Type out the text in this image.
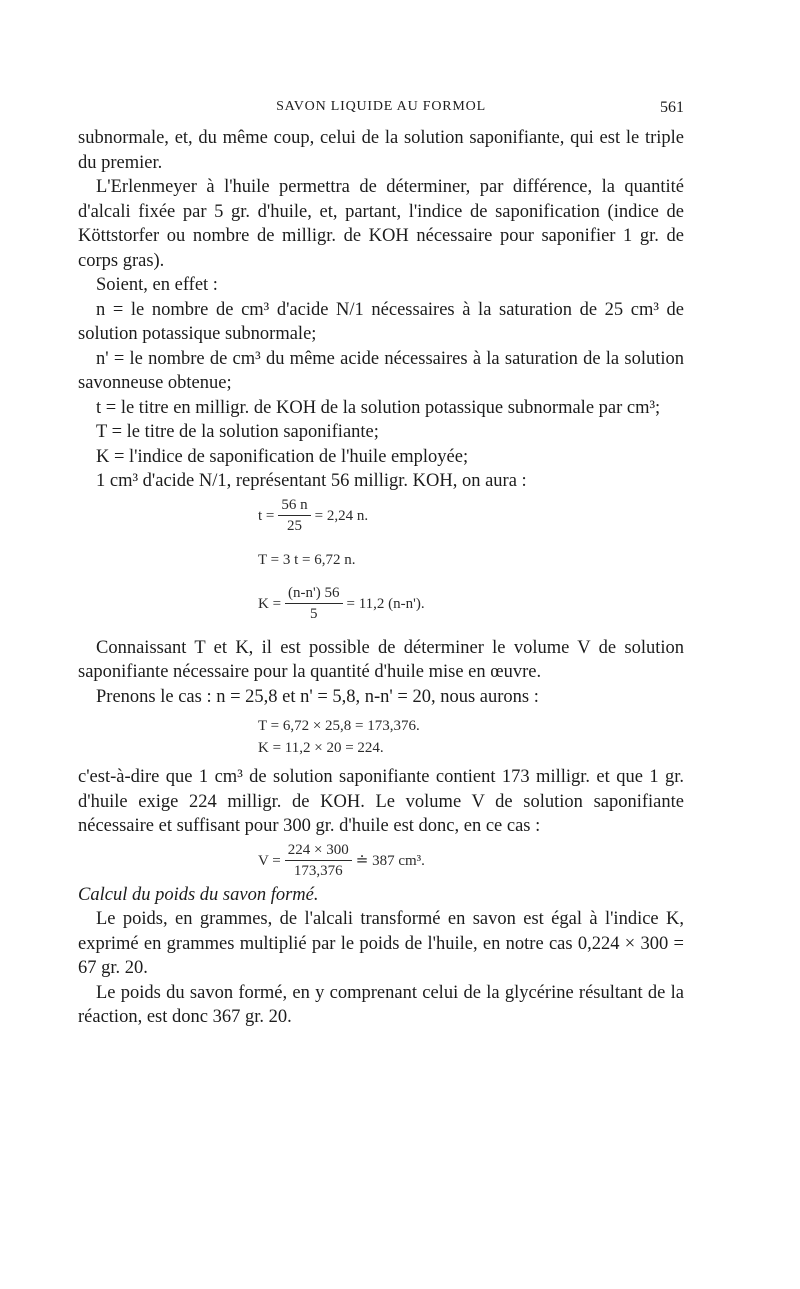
SAVON LIQUIDE AU FORMOL	561

subnormale, et, du même coup, celui de la solution saponifiante, qui est le triple du premier.

L'Erlenmeyer à l'huile permettra de déterminer, par différence, la quantité d'alcali fixée par 5 gr. d'huile, et, partant, l'indice de saponification (indice de Köttstorfer ou nombre de milligr. de KOH nécessaire pour saponifier 1 gr. de corps gras).

Soient, en effet :

n = le nombre de cm³ d'acide N/1 nécessaires à la saturation de 25 cm³ de solution potassique subnormale;

n' = le nombre de cm³ du même acide nécessaires à la saturation de la solution savonneuse obtenue;

t = le titre en milligr. de KOH de la solution potassique subnormale par cm³;

T = le titre de la solution saponifiante;

K = l'indice de saponification de l'huile employée;

1 cm³ d'acide N/1, représentant 56 milligr. KOH, on aura :

$t = \frac{56 n}{25} = 2,24$ n.
T = 3 t = 6,72 n.
$K = \frac{(n-n') 56}{5} = 11,2$ (n-n').

Connaissant T et K, il est possible de déterminer le volume V de solution saponifiante nécessaire pour la quantité d'huile mise en œuvre.

Prenons le cas : n = 25,8 et n' = 5,8, n-n' = 20, nous aurons :

T = 6,72 × 25,8 = 173,376.
K = 11,2 × 20 = 224.

c'est-à-dire que 1 cm³ de solution saponifiante contient 173 milligr. et que 1 gr. d'huile exige 224 milligr. de KOH. Le volume V de solution saponifiante nécessaire et suffisant pour 300 gr. d'huile est donc, en ce cas :

$V = \frac{224 \times 300}{173,376}$ ≐ 387 cm³.

Calcul du poids du savon formé.

Le poids, en grammes, de l'alcali transformé en savon est égal à l'indice K, exprimé en grammes multiplié par le poids de l'huile, en notre cas 0,224 × 300 = 67 gr. 20.

Le poids du savon formé, en y comprenant celui de la glycérine résultant de la réaction, est donc 367 gr. 20.
